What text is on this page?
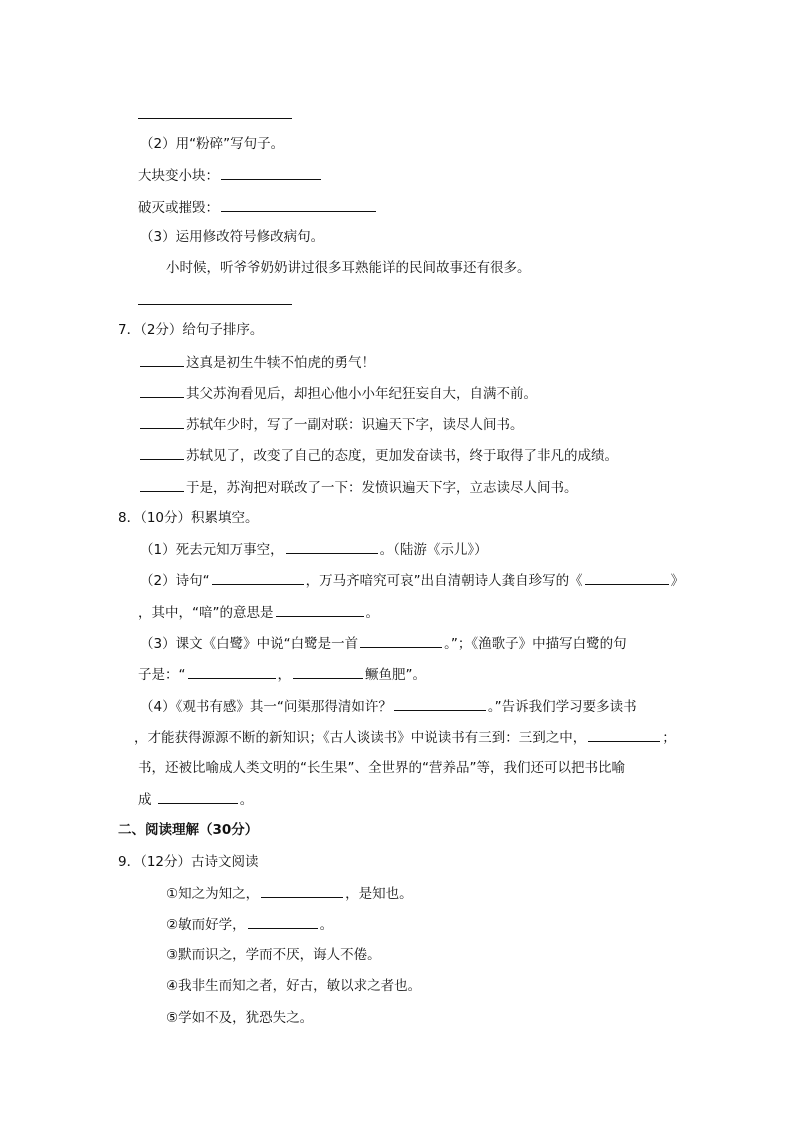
（2）用“粉碎”写句子。
大块变小块：
破灭或摧毁：
（3）运用修改符号修改病句。
小时候，听爷爷奶奶讲过很多耳熟能详的民间故事还有很多。
7．（2分）给句子排序。
这真是初生牛犊不怕虎的勇气！
其父苏洵看见后，却担心他小小年纪狂妄自大，自满不前。
苏轼年少时，写了一副对联：识遍天下字，读尽人间书。
苏轼见了，改变了自己的态度，更加发奋读书，终于取得了非凡的成绩。
于是，苏洵把对联改了一下：发愤识遍天下字，立志读尽人间书。
8．（10分）积累填空。
（1）死去元知万事空，	。（陆游《示儿》）
（2）诗句“	，万马齐喑究可哀”出自清朝诗人龚自珍写的《	》
，其中，“喑”的意思是	。
（3）课文《白鹭》中说“白鹭是一首	。”；《渔歌子》中描写白鹭的句
子是：“	，	鳜鱼肥”。
（4）《观书有感》其一“问渠那得清如许？	。”告诉我们学习要多读书
，才能获得源源不断的新知识；《古人谈读书》中说读书有三到：三到之中，	；
书，还被比喻成人类文明的“长生果”、全世界的“营养品”等，我们还可以把书比喻
成	。
二、阅读理解（30分）
9．（12分）古诗文阅读
①知之为知之，	，是知也。
②敏而好学，	。
③默而识之，学而不厌，诲人不倦。
④我非生而知之者，好古，敏以求之者也。
⑤学如不及，犹恐失之。
